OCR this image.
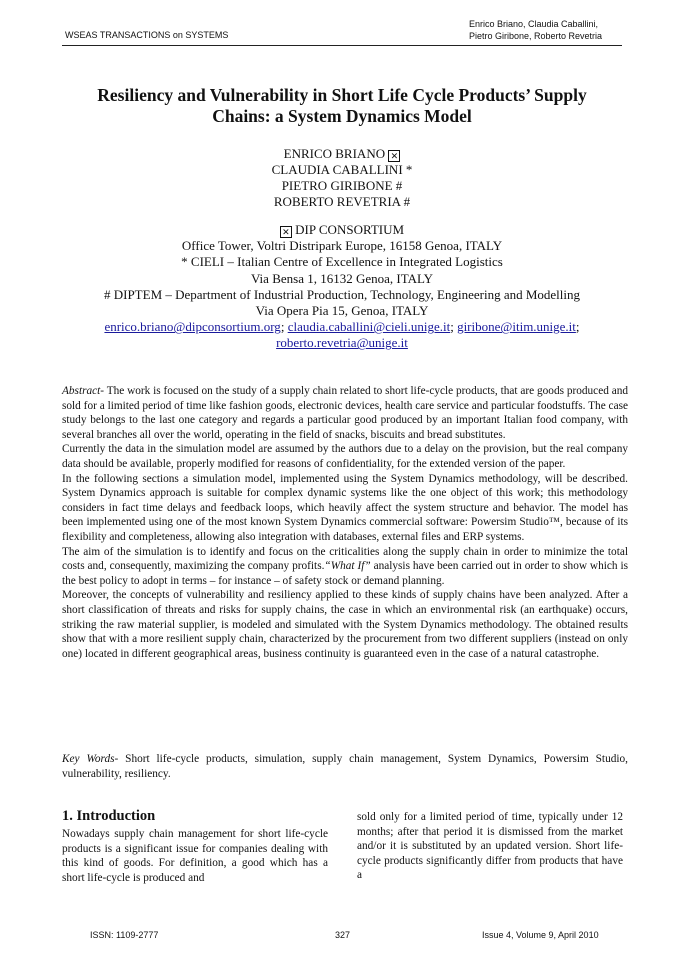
WSEAS TRANSACTIONS on SYSTEMS
Enrico Briano, Claudia Caballini,
Pietro Giribone, Roberto Revetria
Resiliency and Vulnerability in Short Life Cycle Products’ Supply
Chains: a System Dynamics Model
ENRICO BRIANO ✕
CLAUDIA CABALLINI *
PIETRO GIRIBONE #
ROBERTO REVETRIA #
✕ DIP CONSORTIUM
Office Tower, Voltri Distripark Europe, 16158 Genoa, ITALY
* CIELI – Italian Centre of Excellence in Integrated Logistics
Via Bensa 1, 16132 Genoa, ITALY
# DIPTEM – Department of Industrial Production, Technology, Engineering and Modelling
Via Opera Pia 15, Genoa, ITALY
enrico.briano@dipconsortium.org; claudia.caballini@cieli.unige.it; giribone@itim.unige.it;
roberto.revetria@unige.it

Abstract- The work is focused on the study of a supply chain related to short life-cycle products, that are goods produced and sold for a limited period of time like fashion goods, electronic devices, health care service and particular foodstuffs. The case study belongs to the last one category and regards a particular good produced by an important Italian food company, with several branches all over the world, operating in the field of snacks, biscuits and bread substitutes.

Currently the data in the simulation model are assumed by the authors due to a delay on the provision, but the real company data should be available, properly modified for reasons of confidentiality, for the extended version of the paper.

In the following sections a simulation model, implemented using the System Dynamics methodology, will be described. System Dynamics approach is suitable for complex dynamic systems like the one object of this work; this methodology considers in fact time delays and feedback loops, which heavily affect the system structure and behavior. The model has been implemented using one of the most known System Dynamics commercial software: Powersim Studio™, because of its flexibility and completeness, allowing also integration with databases, external files and ERP systems.

The aim of the simulation is to identify and focus on the criticalities along the supply chain in order to minimize the total costs and, consequently, maximizing the company profits.“What If” analysis have been carried out in order to show which is the best policy to adopt in terms – for instance – of safety stock or demand planning.

Moreover, the concepts of vulnerability and resiliency applied to these kinds of supply chains have been analyzed. After a short classification of threats and risks for supply chains, the case in which an environmental risk (an earthquake) occurs, striking the raw material supplier, is modeled and simulated with the System Dynamics methodology. The obtained results show that with a more resilient supply chain, characterized by the procurement from two different suppliers (instead on only one) located in different geographical areas, business continuity is guaranteed even in the case of a natural catastrophe.

Key Words- Short life-cycle products, simulation, supply chain management, System Dynamics, Powersim Studio, vulnerability, resiliency.

1. Introduction

Nowadays supply chain management for short life-cycle products is a significant issue for companies dealing with this kind of goods. For definition, a good which has a short life-cycle is produced and

sold only for a limited period of time, typically under 12 months; after that period it is dismissed from the market and/or it is substituted by an updated version. Short life-cycle products significantly differ from products that have a

ISSN: 1109-2777	327	Issue 4, Volume 9, April 2010
